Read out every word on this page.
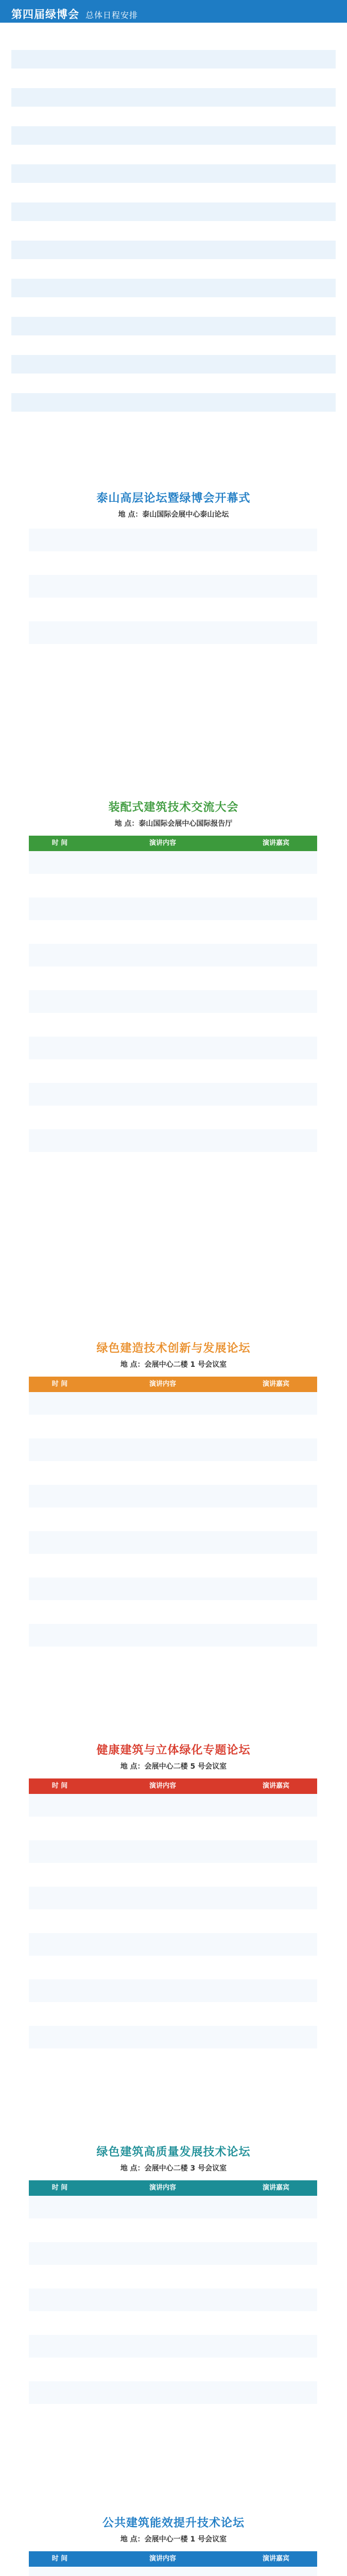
第四届绿博会 总体日程安排
泰山高层论坛暨绿博会开幕式
地 点：泰山国际会展中心泰山论坛
装配式建筑技术交流大会
地 点：泰山国际会展中心国际报告厅
时 间	演讲内容	演讲嘉宾
绿色建造技术创新与发展论坛
地 点：会展中心二楼 1 号会议室
时 间	演讲内容	演讲嘉宾
健康建筑与立体绿化专题论坛
地 点：会展中心二楼 5 号会议室
时 间	演讲内容	演讲嘉宾
绿色建筑高质量发展技术论坛
地 点：会展中心二楼 3 号会议室
时 间	演讲内容	演讲嘉宾
公共建筑能效提升技术论坛
地 点：会展中心一楼 1 号会议室
时 间	演讲内容	演讲嘉宾
